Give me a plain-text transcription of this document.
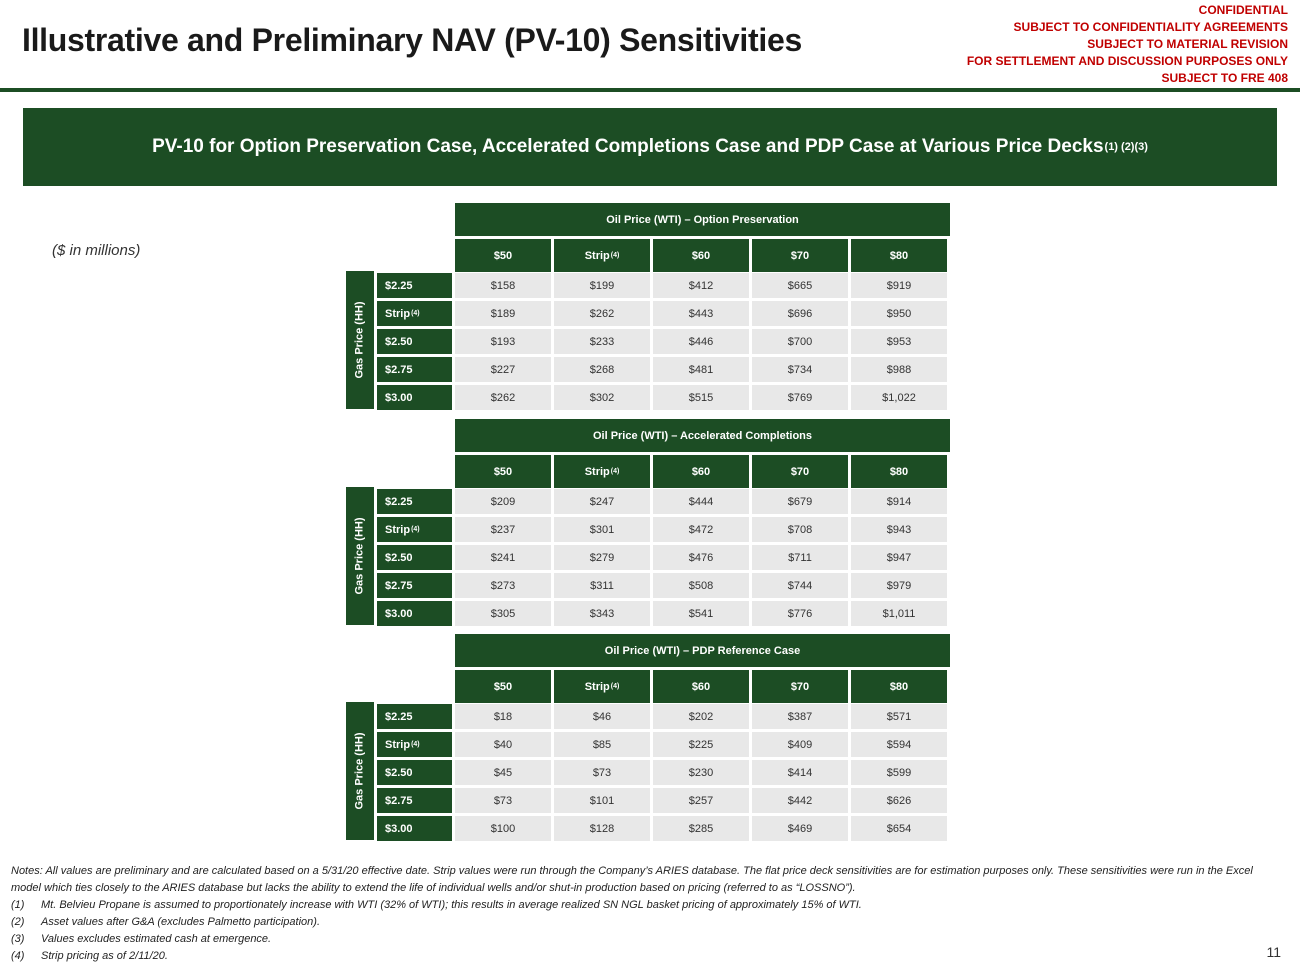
Illustrative and Preliminary NAV (PV-10) Sensitivities
CONFIDENTIAL
SUBJECT TO CONFIDENTIALITY AGREEMENTS
SUBJECT TO MATERIAL REVISION
FOR SETTLEMENT AND DISCUSSION PURPOSES ONLY
SUBJECT TO FRE 408
PV-10 for Option Preservation Case, Accelerated Completions Case and PDP Case at Various Price Decks (1) (2)(3)
($ in millions)
Oil Price (WTI) – Option Preservation
Gas Price (HH)
$50	Strip (4)	$60	$70	$80
$2.25	$158	$199	$412	$665	$919
Strip (4)	$189	$262	$443	$696	$950
$2.50	$193	$233	$446	$700	$953
$2.75	$227	$268	$481	$734	$988
$3.00	$262	$302	$515	$769	$1,022
Oil Price (WTI) – Accelerated Completions
Gas Price (HH)
$50	Strip (4)	$60	$70	$80
$2.25	$209	$247	$444	$679	$914
Strip (4)	$237	$301	$472	$708	$943
$2.50	$241	$279	$476	$711	$947
$2.75	$273	$311	$508	$744	$979
$3.00	$305	$343	$541	$776	$1,011
Oil Price (WTI) – PDP Reference Case
Gas Price (HH)
$50	Strip (4)	$60	$70	$80
$2.25	$18	$46	$202	$387	$571
Strip (4)	$40	$85	$225	$409	$594
$2.50	$45	$73	$230	$414	$599
$2.75	$73	$101	$257	$442	$626
$3.00	$100	$128	$285	$469	$654
Notes: All values are preliminary and are calculated based on a 5/31/20 effective date. Strip values were run through the Company’s ARIES database. The flat price deck sensitivities are for estimation purposes only. These sensitivities were run in the Excel model which ties closely to the ARIES database but lacks the ability to extend the life of individual wells and/or shut-in production based on pricing (referred to as “LOSSNO”).
(1)	Mt. Belvieu Propane is assumed to proportionately increase with WTI (32% of WTI); this results in average realized SN NGL basket pricing of approximately 15% of WTI.
(2)	Asset values after G&A (excludes Palmetto participation).
(3)	Values excludes estimated cash at emergence.
(4)	Strip pricing as of 2/11/20.	11
